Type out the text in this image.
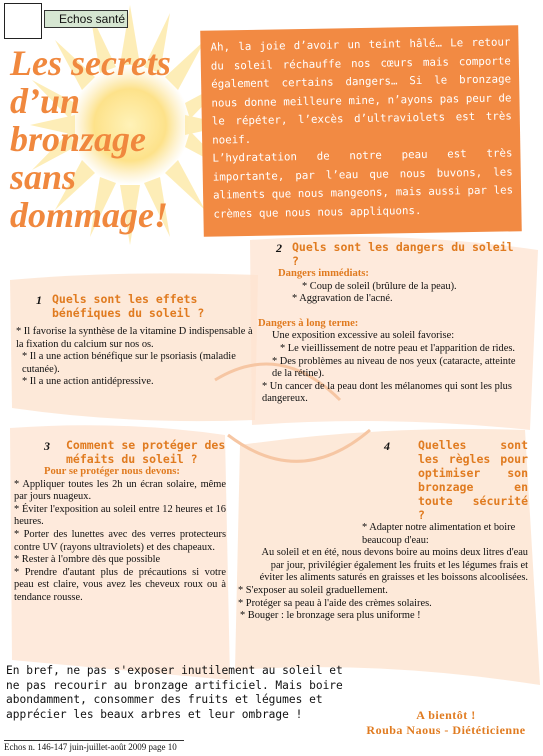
Echos santé
Les secrets d’un bronzage sans dommage!

Ah, la joie d’avoir un teint hâlé… Le retour du soleil réchauffe nos cœurs mais comporte également certains dangers… Si le bronzage nous donne meilleure mine, n’ayons pas peur de le répéter, l’excès d’ultraviolets est très noeif.

L’hydratation de notre peau est très importante, par l’eau que nous buvons, les aliments que nous mangeons, mais aussi par les crèmes que nous nous appliquons.

1 Quels sont les effets bénéfiques du soleil ?

* Il favorise la synthèse de la vitamine D indispensable à la fixation du calcium sur nos os.

* Il a une action bénéfique sur le psoriasis (maladie cutanée).

* Il a une action antidépressive.

2 Quels sont les dangers du soleil ?
Dangers immédiats:

* Coup de soleil (brûlure de la peau).

* Aggravation de l'acné.

Dangers à long terme:

Une exposition excessive au soleil favorise:

* Le vieillissement de notre peau et l'apparition de rides.

* Des problèmes au niveau de nos yeux (cataracte, atteinte de la rétine).

* Un cancer de la peau dont les mélanomes qui sont les plus dangereux.

3 Comment se protéger des méfaits du soleil ?
Pour se protéger nous devons:

* Appliquer toutes les 2h un écran solaire, même par jours nuageux.

* Éviter l'exposition au soleil entre 12 heures et 16 heures.

* Porter des lunettes avec des verres protecteurs contre UV (rayons ultraviolets) et des chapeaux.

* Rester à l'ombre dès que possible

* Prendre d'autant plus de précautions si votre peau est claire, vous avez les cheveux roux ou à tendance rousse.

4 Quelles sont les règles pour optimiser son bronzage en toute sécurité ?

* Adapter notre alimentation et boire beaucoup d'eau:

Au soleil et en été, nous devons boire au moins deux litres d'eau par jour, privilégier également les fruits et les légumes frais et éviter les aliments saturés en graisses et les boissons alcoolisées.

* S'exposer au soleil graduellement.

* Protéger sa peau à l'aide des crèmes solaires.

* Bouger : le bronzage sera plus uniforme !

En bref, ne pas s'exposer inutilement au soleil et ne pas recourir au bronzage artificiel. Mais boire abondamment, consommer des fruits et légumes et apprécier les beaux arbres et leur ombrage !	A bientôt !
Rouba Naous - Diététicienne
Echos n. 146-147 juin-juillet-août 2009 page 10
